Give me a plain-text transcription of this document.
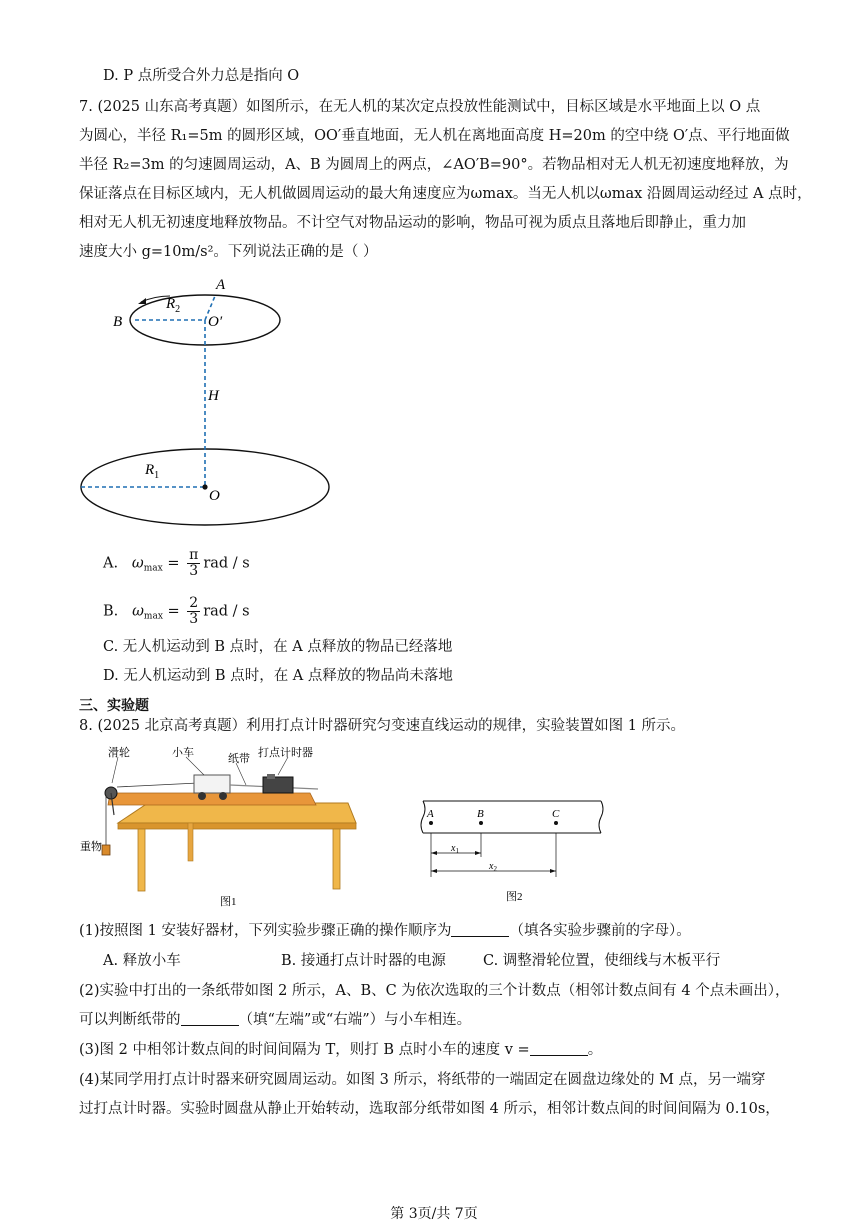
D. P 点所受合外力总是指向 O
7. (2025 山东高考真题）如图所示，在无人机的某次定点投放性能测试中，目标区域是水平地面上以 O 点
为圆心，半径 R₁=5m 的圆形区域，OO′垂直地面，无人机在离地面高度 H=20m 的空中绕 O′点、平行地面做
半径 R₂=3m 的匀速圆周运动，A、B 为圆周上的两点，∠AO′B=90°。若物品相对无人机无初速度地释放，为
保证落点在目标区域内，无人机做圆周运动的最大角速度应为ωmax。当无人机以ωmax 沿圆周运动经过 A 点时，
相对无人机无初速度地释放物品。不计空气对物品运动的影响，物品可视为质点且落地后即静止，重力加
速度大小 g=10m/s²。下列说法正确的是（ ）
A
B
$R_2$
O′
H
$R_1$
O
A. $\omega_{max} = \frac{\pi}{3}$ rad / s
B. $\omega_{max} = \frac{2}{3}$ rad / s
C. 无人机运动到 B 点时，在 A 点释放的物品已经落地
D. 无人机运动到 B 点时，在 A 点释放的物品尚未落地
三、实验题
8. (2025 北京高考真题）利用打点计时器研究匀变速直线运动的规律，实验装置如图 1 所示。
滑轮	小车	纸带 打点计时器
重物
图1
A	B	C
$x_1$
$x_2$
图2
(1)按照图 1 安装好器材，下列实验步骤正确的操作顺序为	（填各实验步骤前的字母）。
A. 释放小车	B. 接通打点计时器的电源	C. 调整滑轮位置，使细线与木板平行
(2)实验中打出的一条纸带如图 2 所示，A、B、C 为依次选取的三个计数点（相邻计数点间有 4 个点未画出），
可以判断纸带的	（填“左端”或“右端”）与小车相连。
(3)图 2 中相邻计数点间的时间间隔为 T，则打 B 点时小车的速度 v =	。
(4)某同学用打点计时器来研究圆周运动。如图 3 所示，将纸带的一端固定在圆盘边缘处的 M 点，另一端穿
过打点计时器。实验时圆盘从静止开始转动，选取部分纸带如图 4 所示，相邻计数点间的时间间隔为 0.10s，
第 3页/共 7页
